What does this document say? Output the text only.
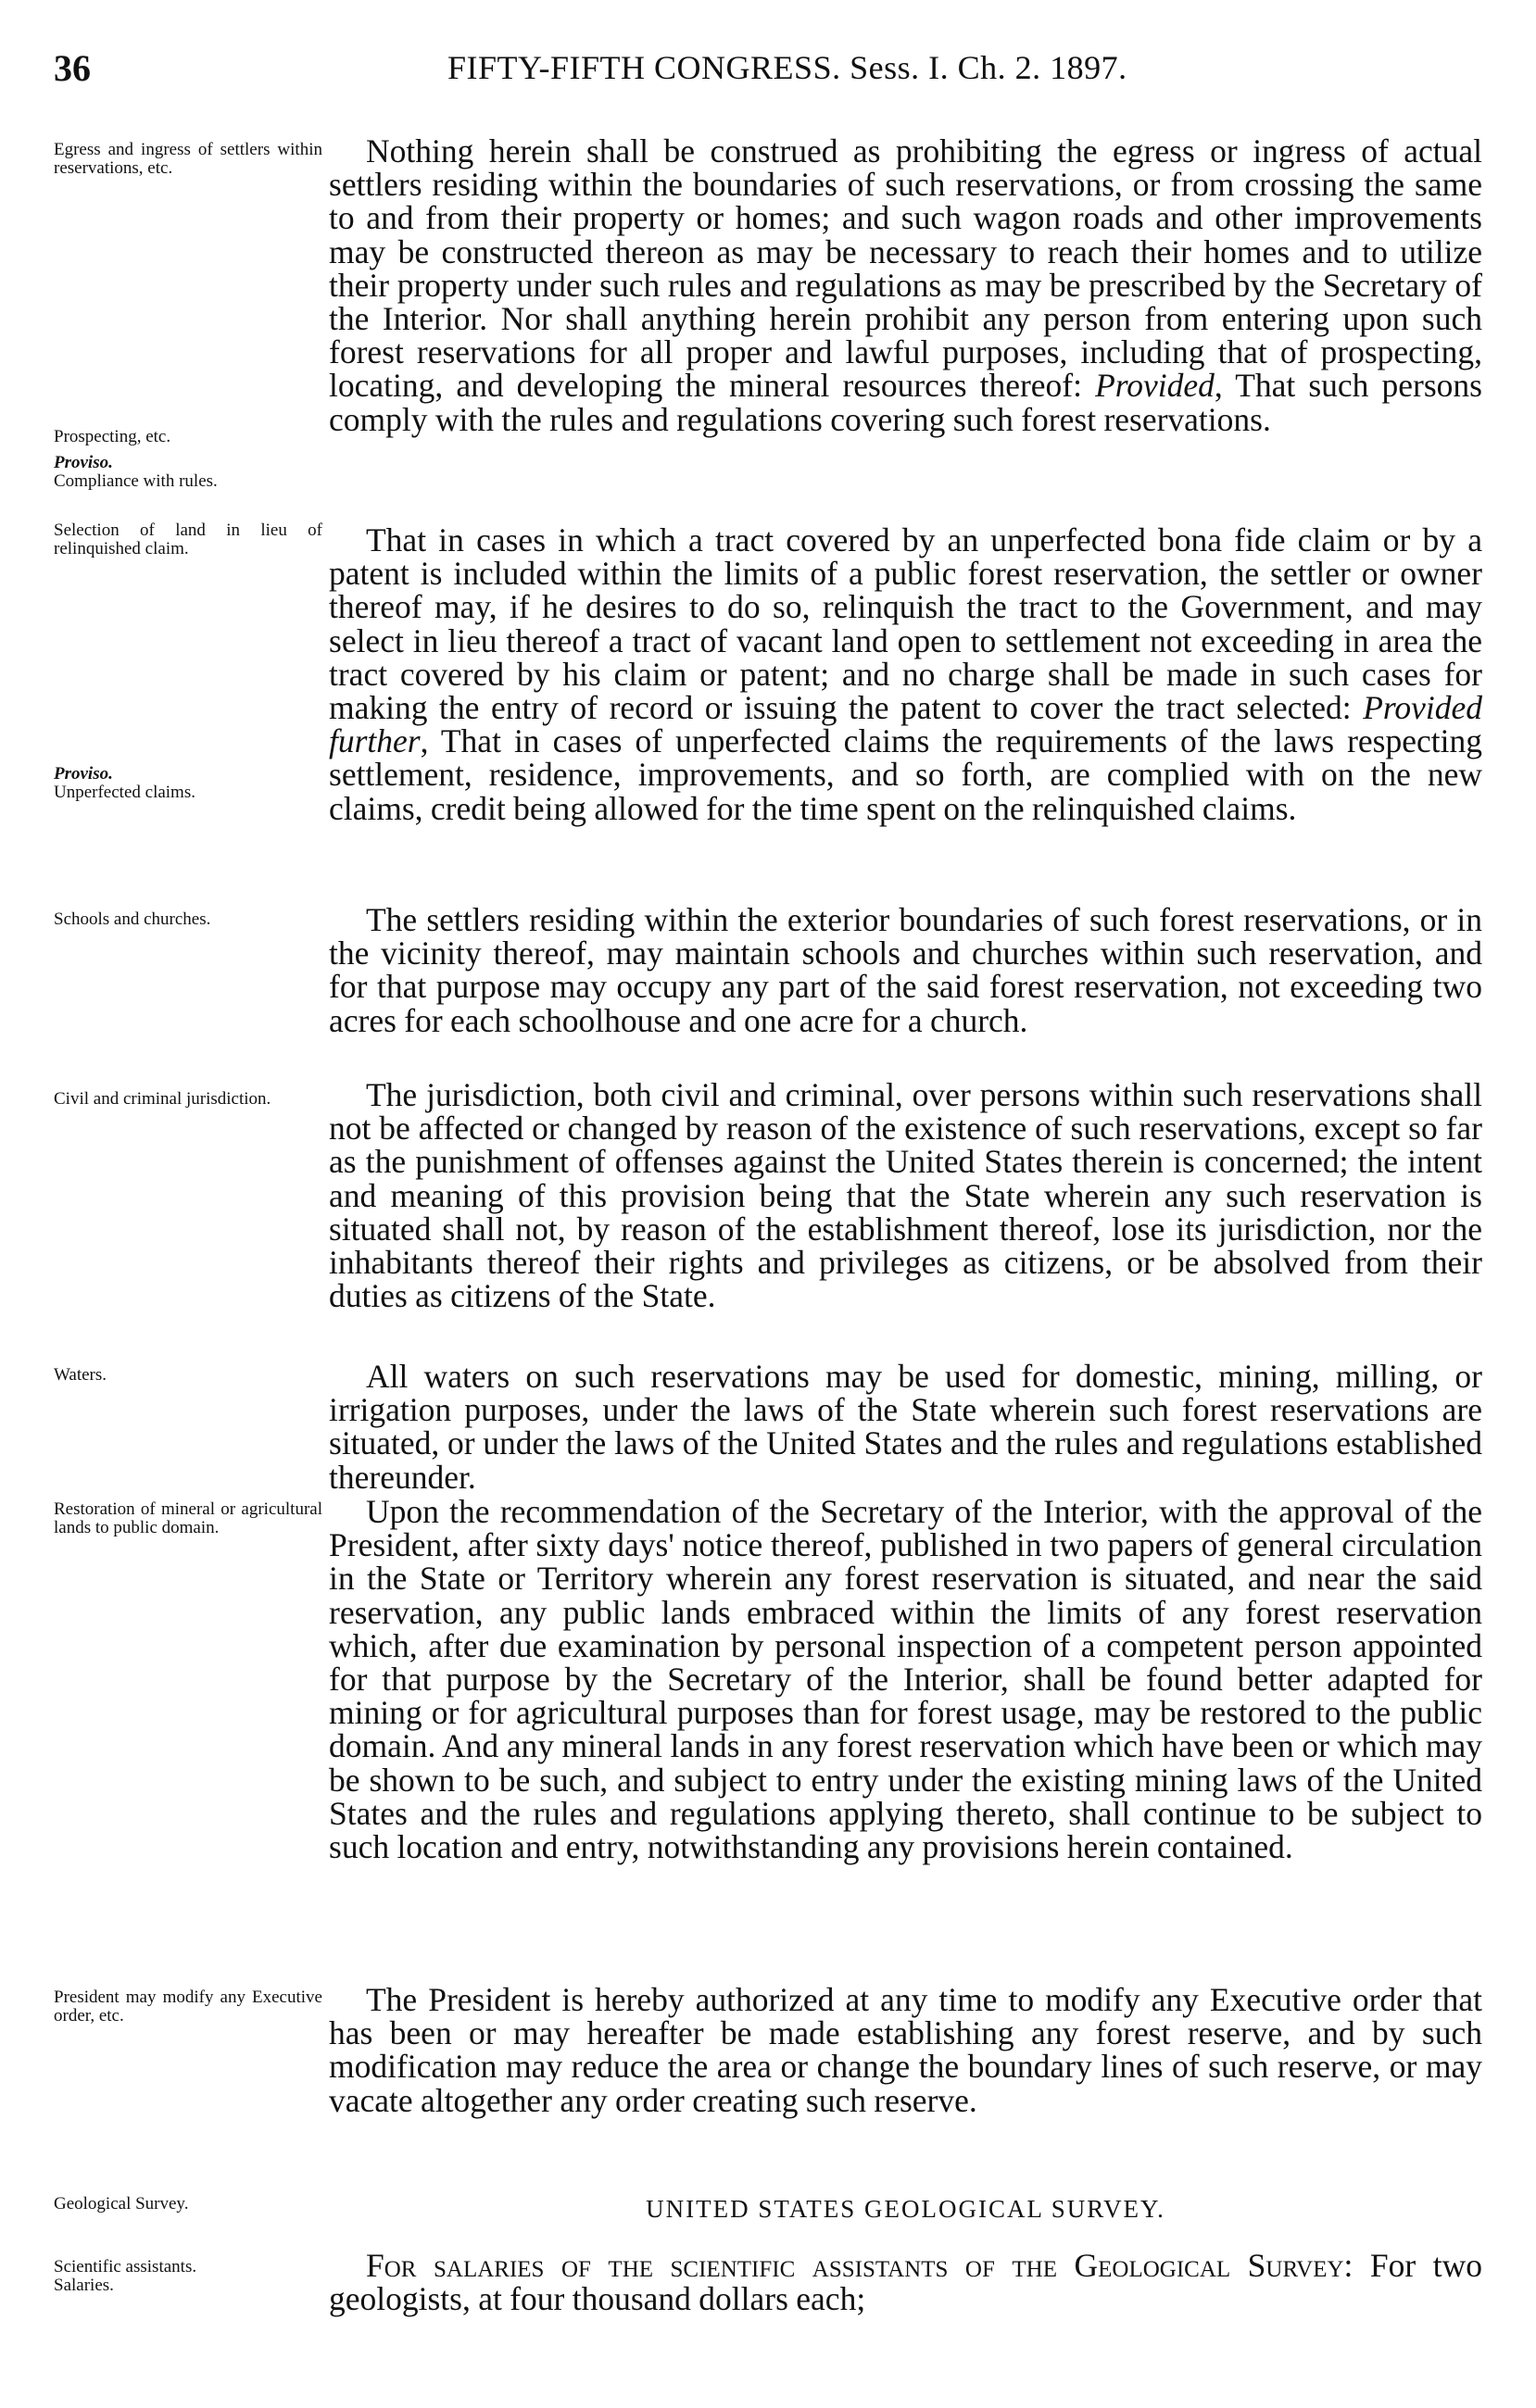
36	FIFTY-FIFTH CONGRESS. Sess. I. Ch. 2. 1897.
Egress and ingress of settlers within reservations, etc.
Prospecting, etc.
Proviso.
Compliance with rules.
Selection of land in lieu of relinquished claim.
Proviso.
Unperfected claims.
Schools and churches.
Civil and criminal jurisdiction.
Waters.
Restoration of mineral or agricultural lands to public domain.
President may modify any Executive order, etc.
Geological Survey.
Scientific assistants.
Salaries.
Nothing herein shall be construed as prohibiting the egress or ingress of actual settlers residing within the boundaries of such reservations, or from crossing the same to and from their property or homes; and such wagon roads and other improvements may be constructed thereon as may be necessary to reach their homes and to utilize their property under such rules and regulations as may be prescribed by the Secretary of the Interior. Nor shall anything herein prohibit any person from entering upon such forest reservations for all proper and lawful purposes, including that of prospecting, locating, and developing the mineral resources thereof: Provided, That such persons comply with the rules and regulations covering such forest reservations.
That in cases in which a tract covered by an unperfected bona fide claim or by a patent is included within the limits of a public forest reservation, the settler or owner thereof may, if he desires to do so, relinquish the tract to the Government, and may select in lieu thereof a tract of vacant land open to settlement not exceeding in area the tract covered by his claim or patent; and no charge shall be made in such cases for making the entry of record or issuing the patent to cover the tract selected: Provided further, That in cases of unperfected claims the requirements of the laws respecting settlement, residence, improvements, and so forth, are complied with on the new claims, credit being allowed for the time spent on the relinquished claims.
The settlers residing within the exterior boundaries of such forest reservations, or in the vicinity thereof, may maintain schools and churches within such reservation, and for that purpose may occupy any part of the said forest reservation, not exceeding two acres for each schoolhouse and one acre for a church.
The jurisdiction, both civil and criminal, over persons within such reservations shall not be affected or changed by reason of the existence of such reservations, except so far as the punishment of offenses against the United States therein is concerned; the intent and meaning of this provision being that the State wherein any such reservation is situated shall not, by reason of the establishment thereof, lose its jurisdiction, nor the inhabitants thereof their rights and privileges as citizens, or be absolved from their duties as citizens of the State.
All waters on such reservations may be used for domestic, mining, milling, or irrigation purposes, under the laws of the State wherein such forest reservations are situated, or under the laws of the United States and the rules and regulations established thereunder.
Upon the recommendation of the Secretary of the Interior, with the approval of the President, after sixty days' notice thereof, published in two papers of general circulation in the State or Territory wherein any forest reservation is situated, and near the said reservation, any public lands embraced within the limits of any forest reservation which, after due examination by personal inspection of a competent person appointed for that purpose by the Secretary of the Interior, shall be found better adapted for mining or for agricultural purposes than for forest usage, may be restored to the public domain. And any mineral lands in any forest reservation which have been or which may be shown to be such, and subject to entry under the existing mining laws of the United States and the rules and regulations applying thereto, shall continue to be subject to such location and entry, notwithstanding any provisions herein contained.
The President is hereby authorized at any time to modify any Executive order that has been or may hereafter be made establishing any forest reserve, and by such modification may reduce the area or change the boundary lines of such reserve, or may vacate altogether any order creating such reserve.
UNITED STATES GEOLOGICAL SURVEY.
For salaries of the scientific assistants of the Geological Survey: For two geologists, at four thousand dollars each;
